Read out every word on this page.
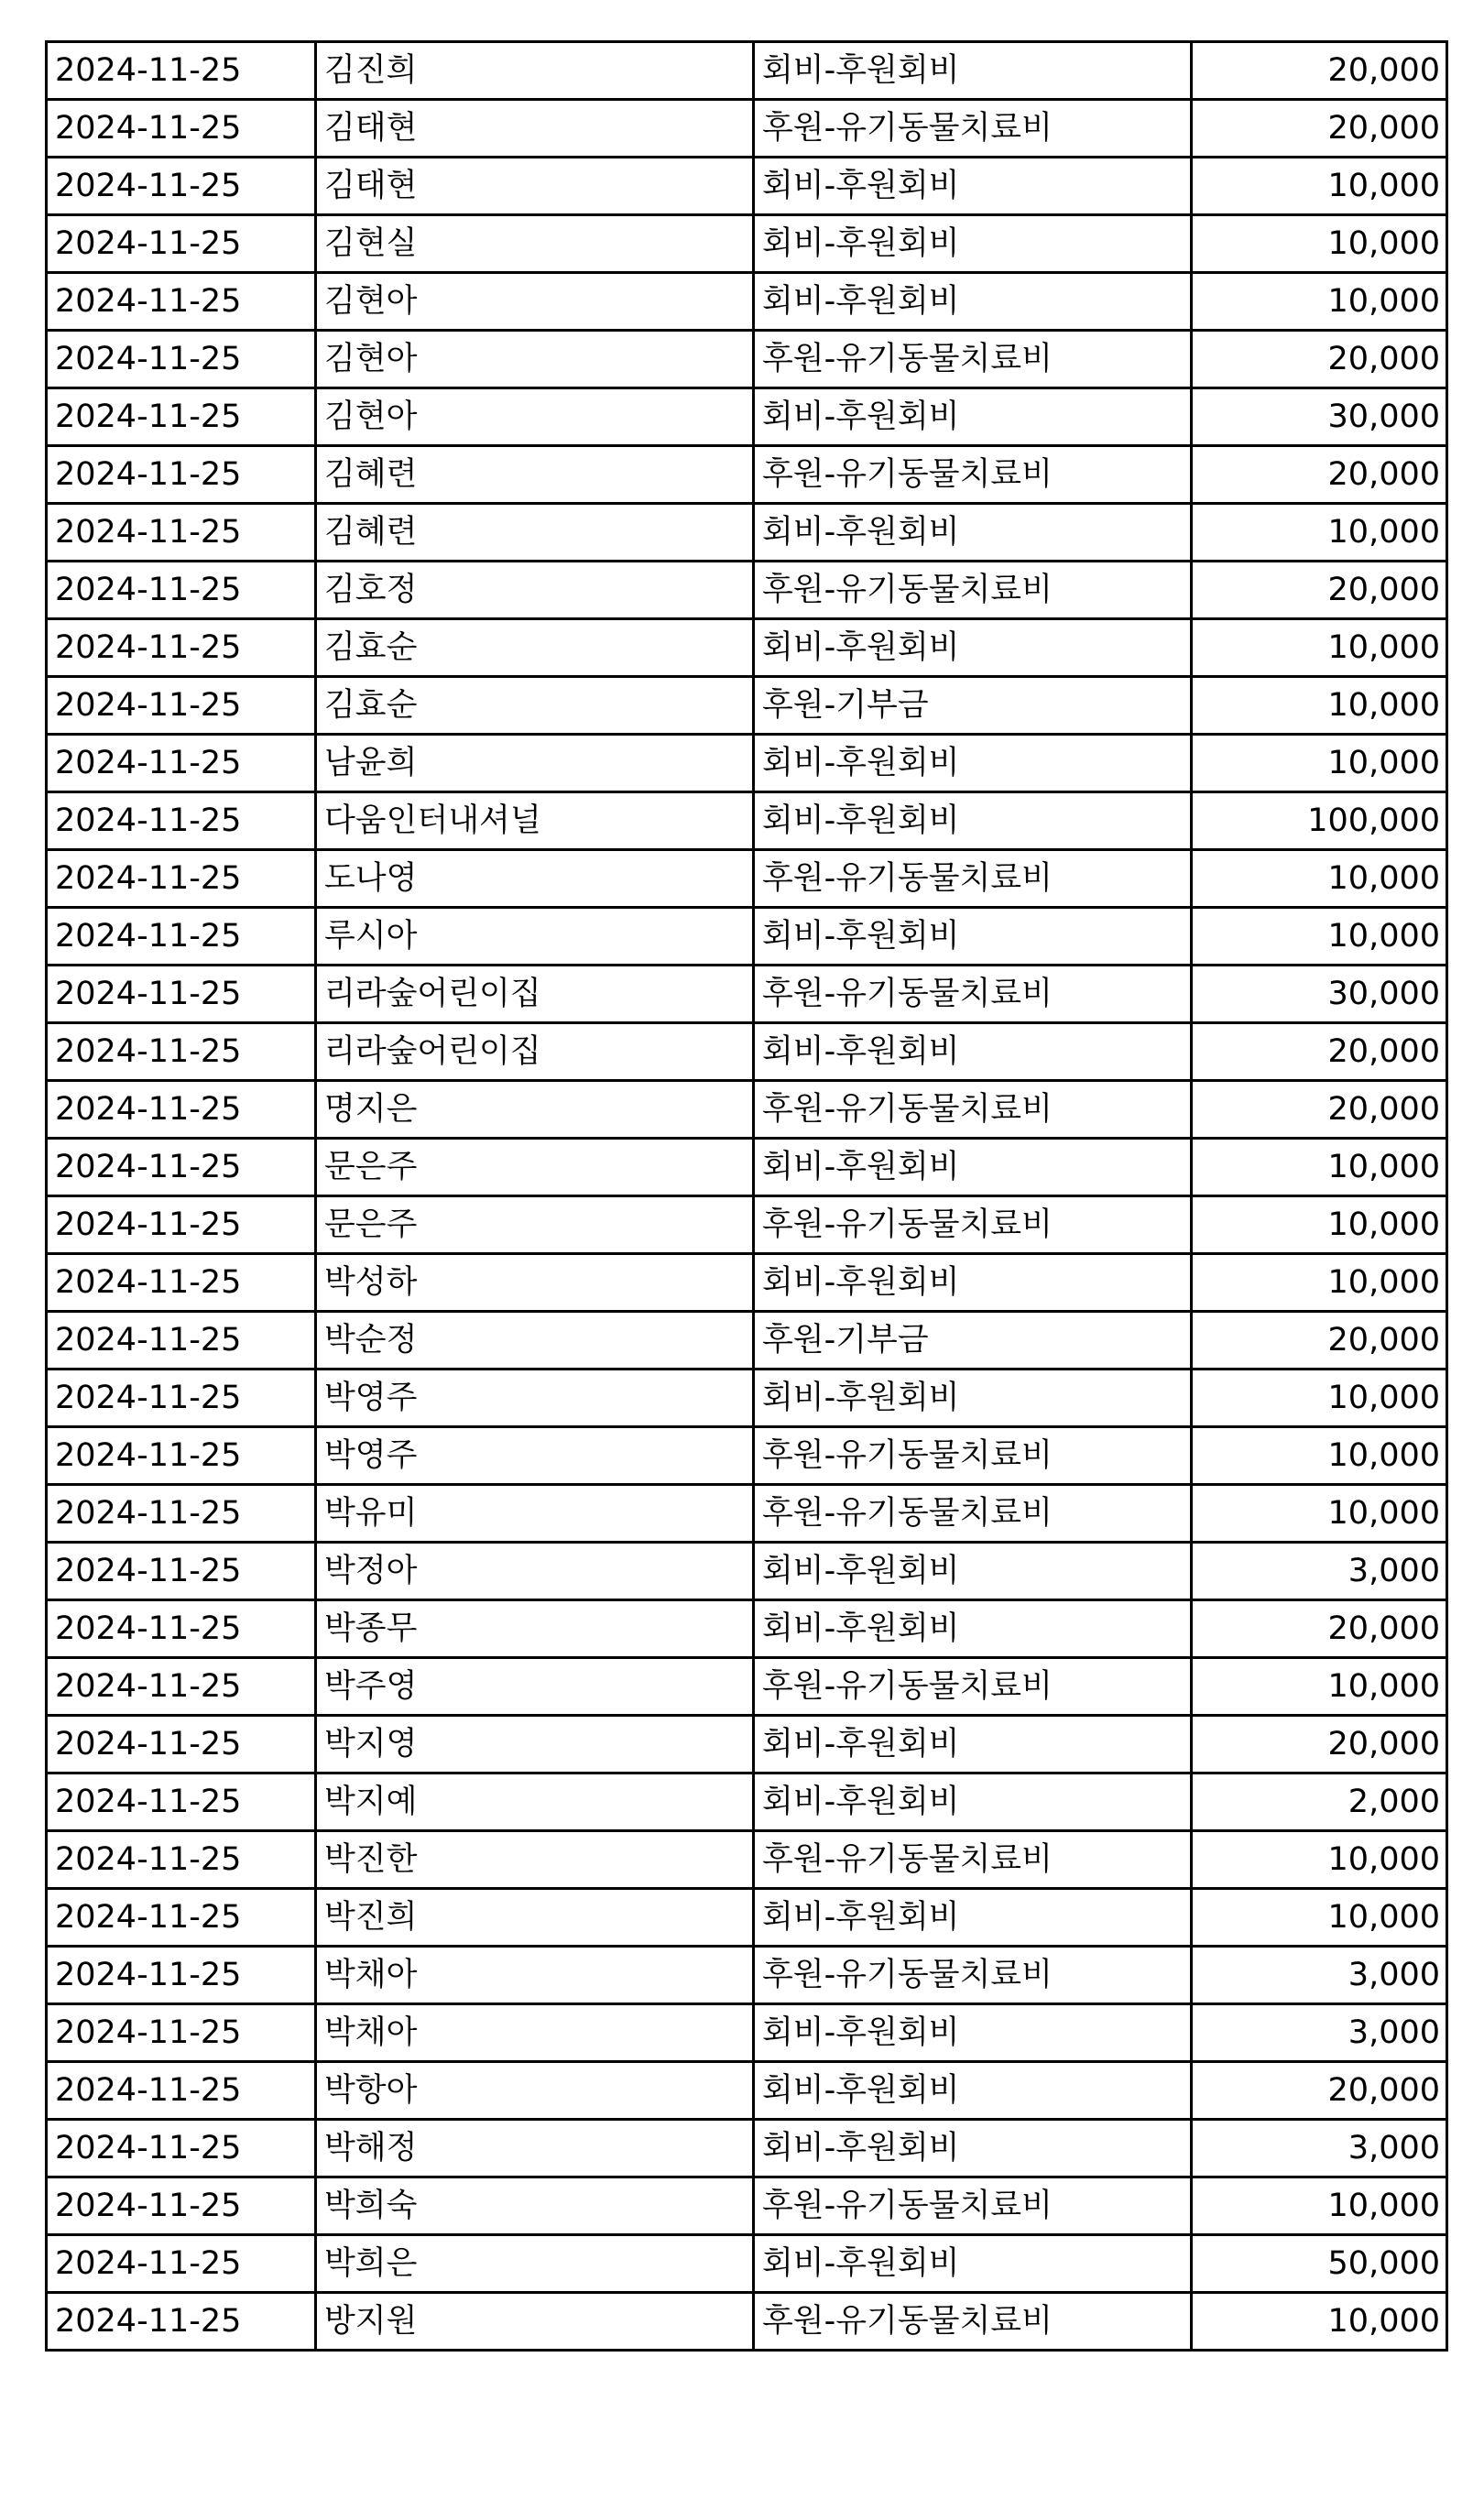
2024-11-25	김진희	회비-후원회비	20,000
2024-11-25	김태현	후원-유기동물치료비	20,000
2024-11-25	김태현	회비-후원회비	10,000
2024-11-25	김현실	회비-후원회비	10,000
2024-11-25	김현아	회비-후원회비	10,000
2024-11-25	김현아	후원-유기동물치료비	20,000
2024-11-25	김현아	회비-후원회비	30,000
2024-11-25	김혜련	후원-유기동물치료비	20,000
2024-11-25	김혜련	회비-후원회비	10,000
2024-11-25	김호정	후원-유기동물치료비	20,000
2024-11-25	김효순	회비-후원회비	10,000
2024-11-25	김효순	후원-기부금	10,000
2024-11-25	남윤희	회비-후원회비	10,000
2024-11-25	다움인터내셔널	회비-후원회비	100,000
2024-11-25	도나영	후원-유기동물치료비	10,000
2024-11-25	루시아	회비-후원회비	10,000
2024-11-25	리라숲어린이집	후원-유기동물치료비	30,000
2024-11-25	리라숲어린이집	회비-후원회비	20,000
2024-11-25	명지은	후원-유기동물치료비	20,000
2024-11-25	문은주	회비-후원회비	10,000
2024-11-25	문은주	후원-유기동물치료비	10,000
2024-11-25	박성하	회비-후원회비	10,000
2024-11-25	박순정	후원-기부금	20,000
2024-11-25	박영주	회비-후원회비	10,000
2024-11-25	박영주	후원-유기동물치료비	10,000
2024-11-25	박유미	후원-유기동물치료비	10,000
2024-11-25	박정아	회비-후원회비	3,000
2024-11-25	박종무	회비-후원회비	20,000
2024-11-25	박주영	후원-유기동물치료비	10,000
2024-11-25	박지영	회비-후원회비	20,000
2024-11-25	박지예	회비-후원회비	2,000
2024-11-25	박진한	후원-유기동물치료비	10,000
2024-11-25	박진희	회비-후원회비	10,000
2024-11-25	박채아	후원-유기동물치료비	3,000
2024-11-25	박채아	회비-후원회비	3,000
2024-11-25	박항아	회비-후원회비	20,000
2024-11-25	박해정	회비-후원회비	3,000
2024-11-25	박희숙	후원-유기동물치료비	10,000
2024-11-25	박희은	회비-후원회비	50,000
2024-11-25	방지원	후원-유기동물치료비	10,000
